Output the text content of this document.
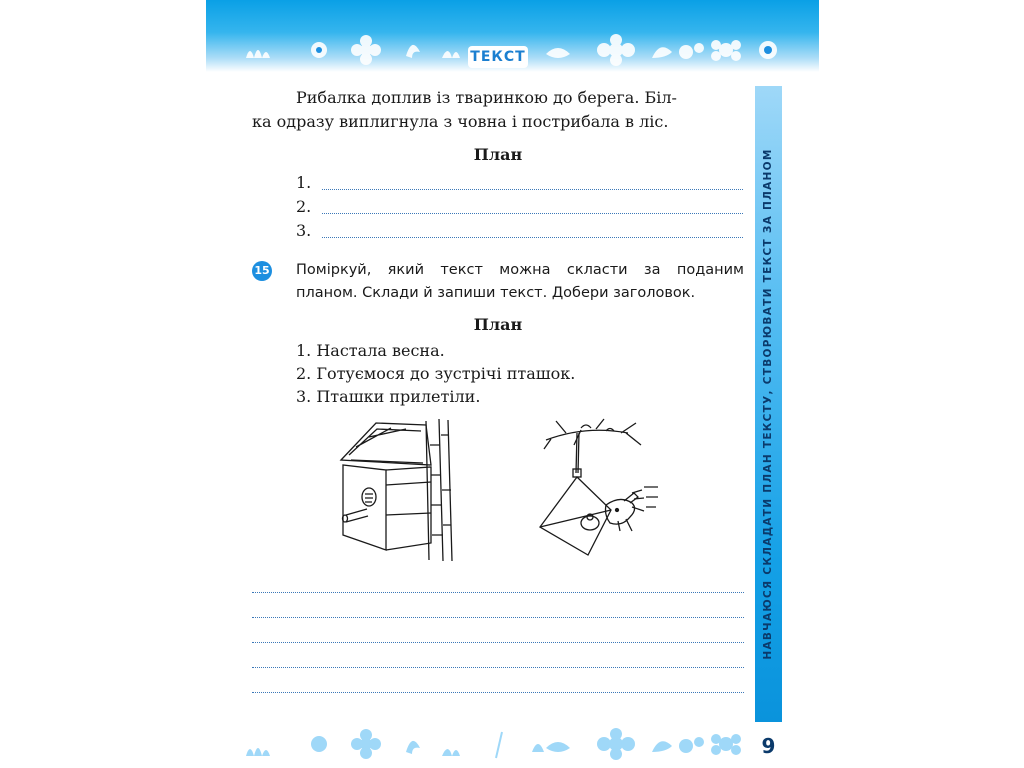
ТЕКСТ
Рибалка доплив із тваринкою до берега. Біл-
ка одразу виплигнула з човна і пострибала в ліс.
План
1.
2.
3.
15 Поміркуй, який текст можна скласти за поданим
планом. Склади й запиши текст. Добери заголовок.
План
1. Настала весна.
2. Готуємося до зустрічі пташок.
3. Пташки прилетіли.	НАВЧАЮСЯ СКЛАДАТИ ПЛАН ТЕКСТУ, СТВОРЮВАТИ ТЕКСТ ЗА ПЛАНОМ
9
